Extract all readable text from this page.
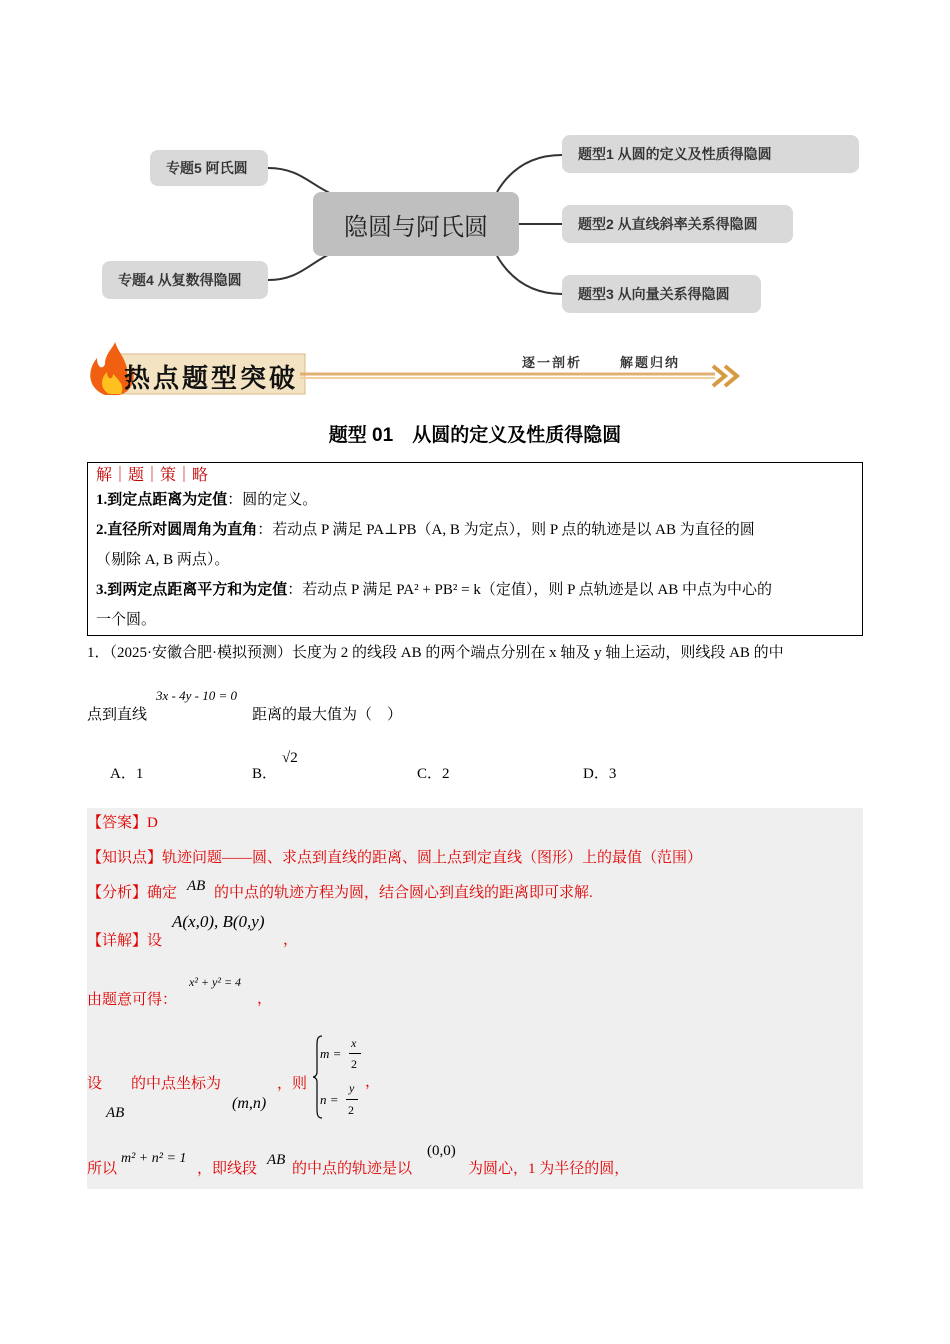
专题5 阿氏圆
专题4 从复数得隐圆
隐圆与阿氏圆
题型1 从圆的定义及性质得隐圆
题型2 从直线斜率关系得隐圆
题型3 从向量关系得隐圆
热点题型突破
逐一剖析	解题归纳
题型 01　从圆的定义及性质得隐圆
解｜题｜策｜略
1.到定点距离为定值：圆的定义。
2.直径所对圆周角为直角：若动点 P 满足 PA⊥PB（A, B 为定点），则 P 点的轨迹是以 AB 为直径的圆
（剔除 A, B 两点）。
3.到两定点距离平方和为定值：若动点 P 满足 PA² + PB² = k（定值），则 P 点轨迹是以 AB 中点为中心的
一个圆。
1．（2025·安徽合肥·模拟预测）长度为 2 的线段 AB 的两个端点分别在 x 轴及 y 轴上运动，则线段 AB 的中
点到直线
3x - 4y - 10 = 0
距离的最大值为（　）
A．1	B．
√2
C．2	D．3
【答案】D
【知识点】轨迹问题——圆、求点到直线的距离、圆上点到定直线（图形）上的最值（范围）
【分析】确定 AB 的中点的轨迹方程为圆，结合圆心到直线的距离即可求解.
【详解】设
A(x,0), B(0,y)
，
由题意可得：
x² + y² = 4
，
设
AB
的中点坐标为
(m,n)
，则
m =
x
2
n =
y
2
，
所以
m² + n² = 1
，即线段
AB
的中点的轨迹是以
(0,0)
为圆心，1 为半径的圆，
